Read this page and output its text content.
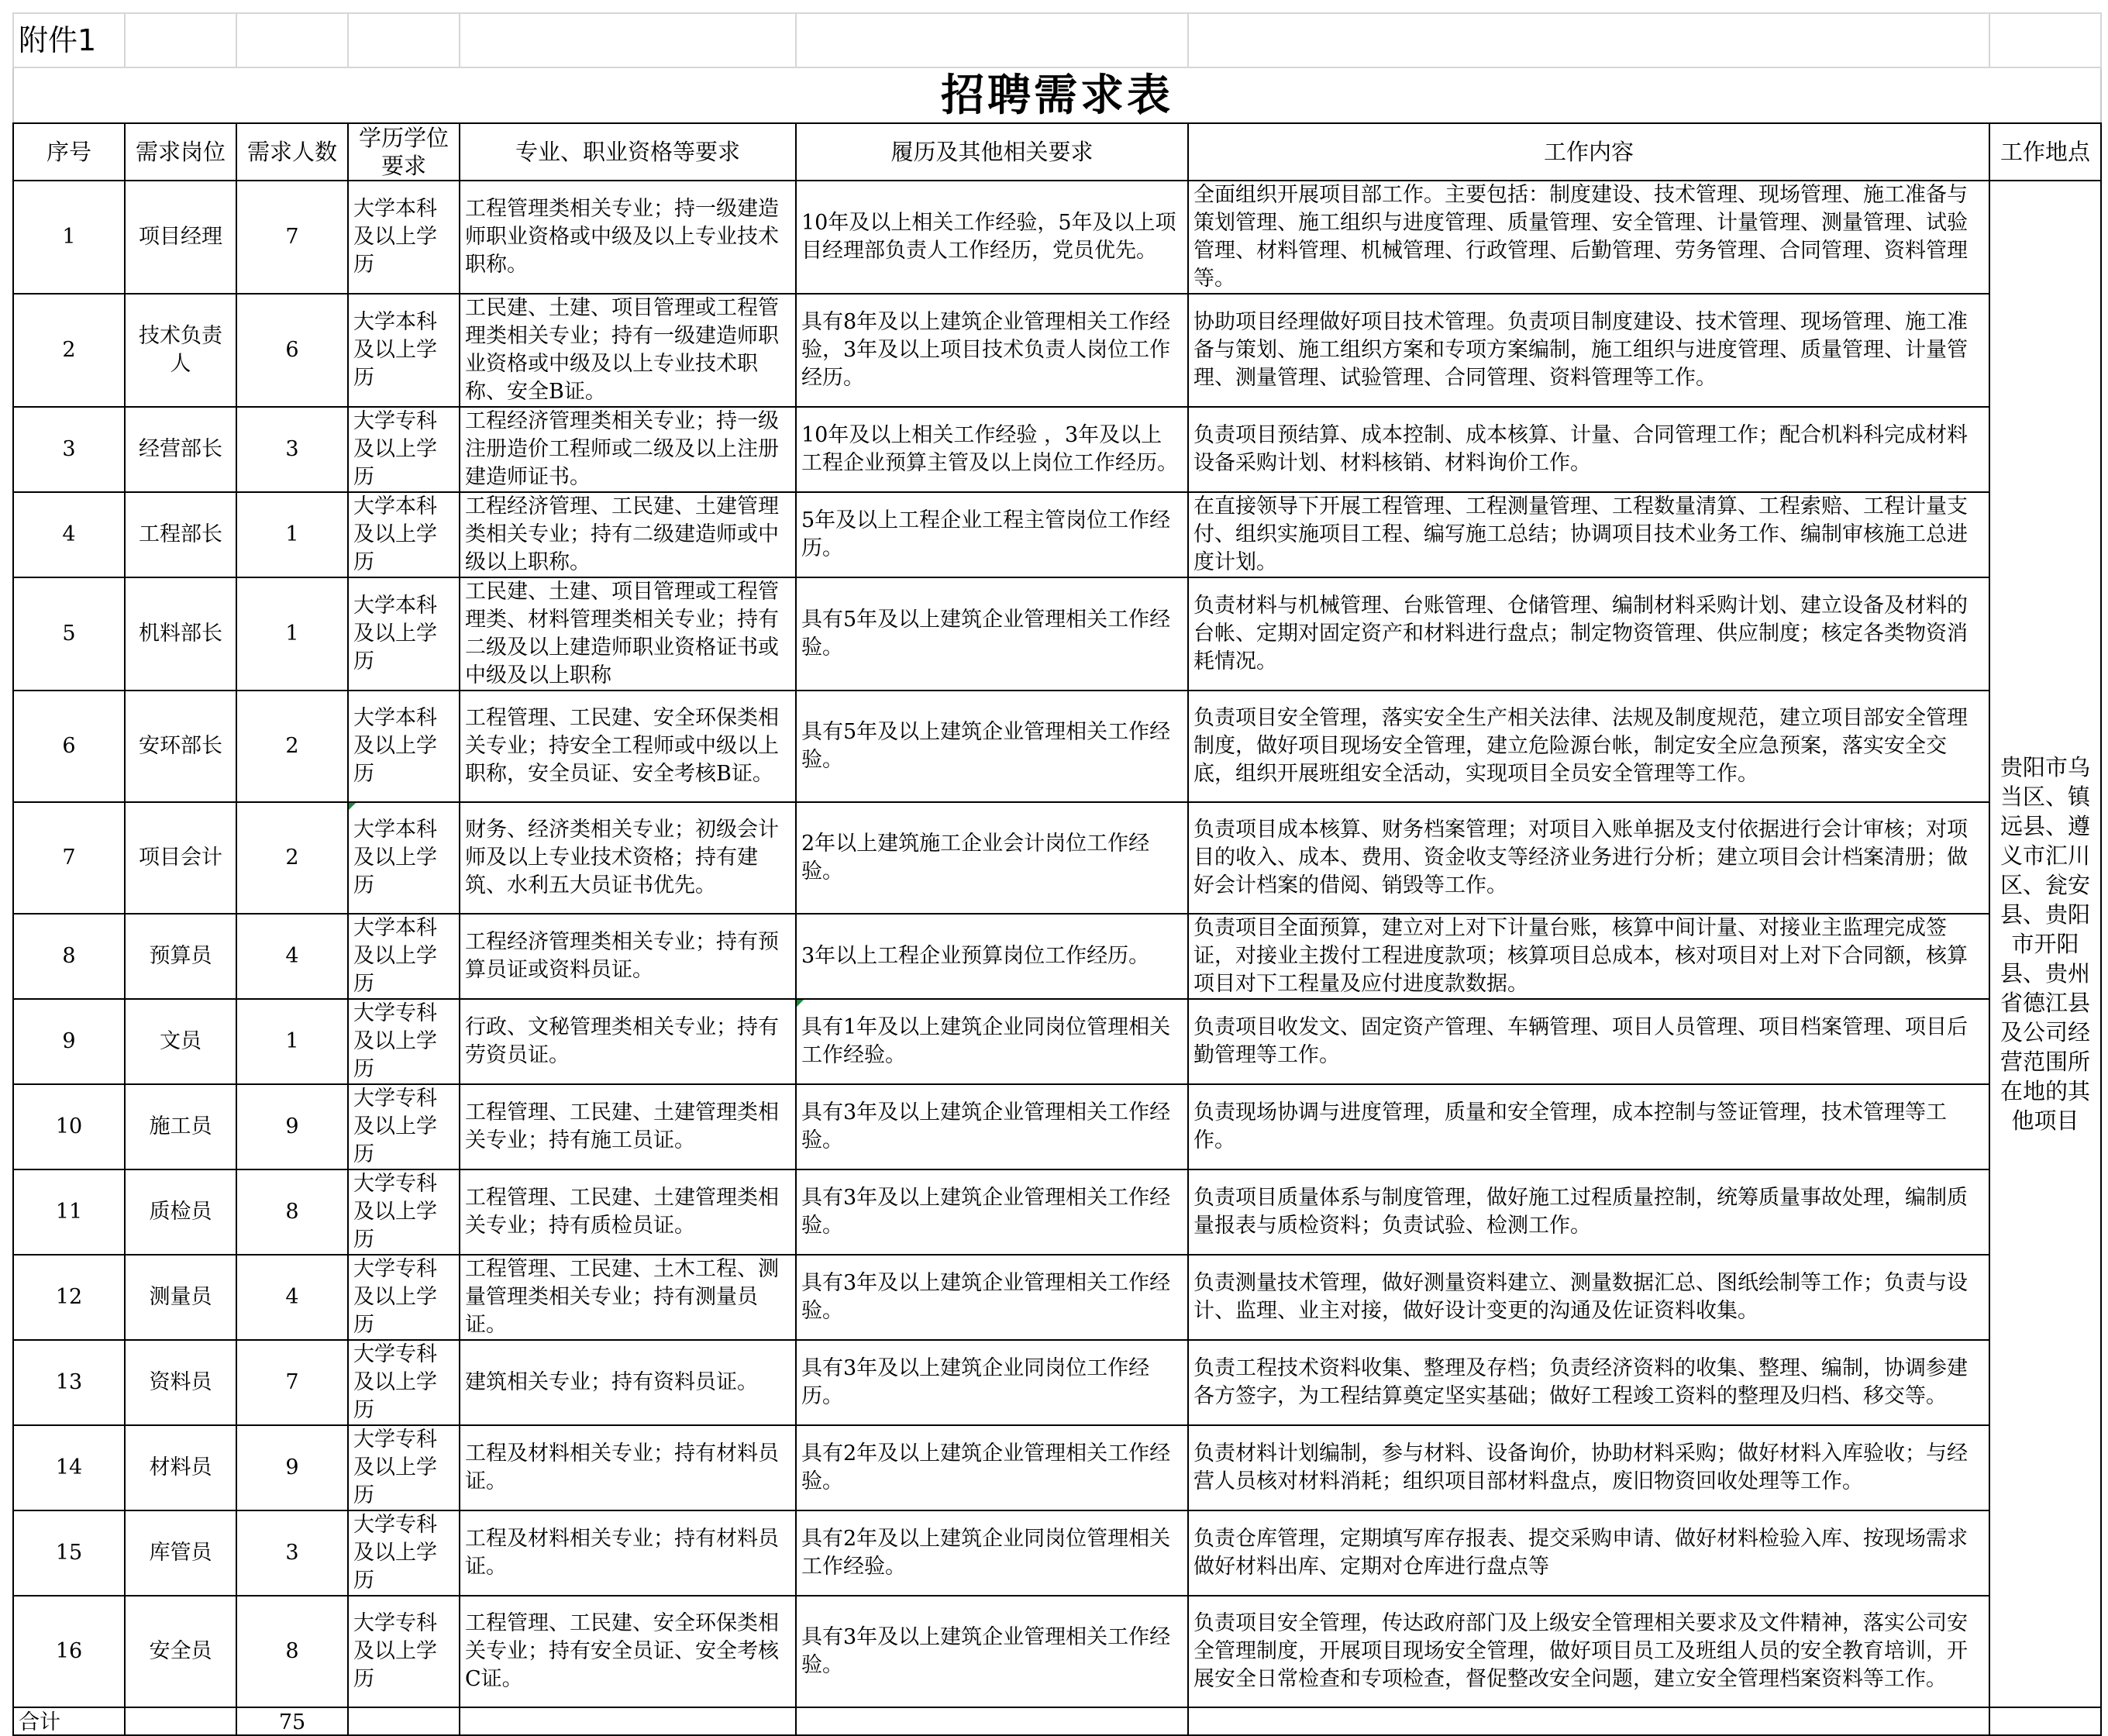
附件1							
招聘需求表							
序号	需求岗位	需求人数	学历学位要求	专业、职业资格等要求	履历及其他相关要求	工作内容	工作地点
1	项目经理	7	大学本科及以上学历	工程管理类相关专业；持一级建造师职业资格或中级及以上专业技术职称。	10年及以上相关工作经验，5年及以上项目经理部负责人工作经历，党员优先。	全面组织开展项目部工作。主要包括：制度建设、技术管理、现场管理、施工准备与策划管理、施工组织与进度管理、质量管理、安全管理、计量管理、测量管理、试验管理、材料管理、机械管理、行政管理、后勤管理、劳务管理、合同管理、资料管理等。	贵阳市乌当区、镇远县、遵义市汇川区、瓮安县、贵阳市开阳县、贵州省德江县及公司经营范围所在地的其他项目
2	技术负责人	6	大学本科及以上学历	工民建、土建、项目管理或工程管理类相关专业；持有一级建造师职业资格或中级及以上专业技术职称、安全B证。	具有8年及以上建筑企业管理相关工作经验，3年及以上项目技术负责人岗位工作经历。	协助项目经理做好项目技术管理。负责项目制度建设、技术管理、现场管理、施工准备与策划、施工组织方案和专项方案编制，施工组织与进度管理、质量管理、计量管理、测量管理、试验管理、合同管理、资料管理等工作。	
3	经营部长	3	大学专科及以上学历	工程经济管理类相关专业；持一级注册造价工程师或二级及以上注册建造师证书。	10年及以上相关工作经验 ，3年及以上工程企业预算主管及以上岗位工作经历。	负责项目预结算、成本控制、成本核算、计量、合同管理工作；配合机料科完成材料设备采购计划、材料核销、材料询价工作。	
4	工程部长	1	大学本科及以上学历	工程经济管理、工民建、土建管理类相关专业；持有二级建造师或中级以上职称。	5年及以上工程企业工程主管岗位工作经历。	在直接领导下开展工程管理、工程测量管理、工程数量清算、工程索赔、工程计量支付、组织实施项目工程、编写施工总结；协调项目技术业务工作、编制审核施工总进度计划。	
5	机料部长	1	大学本科及以上学历	工民建、土建、项目管理或工程管理类、材料管理类相关专业；持有二级及以上建造师职业资格证书或中级及以上职称	具有5年及以上建筑企业管理相关工作经验。	负责材料与机械管理、台账管理、仓储管理、编制材料采购计划、建立设备及材料的台帐、定期对固定资产和材料进行盘点；制定物资管理、供应制度；核定各类物资消耗情况。	
6	安环部长	2	大学本科及以上学历	工程管理、工民建、安全环保类相关专业；持安全工程师或中级以上职称，安全员证、安全考核B证。	具有5年及以上建筑企业管理相关工作经验。	负责项目安全管理，落实安全生产相关法律、法规及制度规范，建立项目部安全管理制度，做好项目现场安全管理，建立危险源台帐，制定安全应急预案，落实安全交底，组织开展班组安全活动，实现项目全员安全管理等工作。	
7	项目会计	2	大学本科及以上学历	财务、经济类相关专业；初级会计师及以上专业技术资格；持有建筑、水利五大员证书优先。	2年以上建筑施工企业会计岗位工作经验。	负责项目成本核算、财务档案管理；对项目入账单据及支付依据进行会计审核；对项目的收入、成本、费用、资金收支等经济业务进行分析；建立项目会计档案清册；做好会计档案的借阅、销毁等工作。	
8	预算员	4	大学本科及以上学历	工程经济管理类相关专业；持有预算员证或资料员证。	3年以上工程企业预算岗位工作经历。	负责项目全面预算，建立对上对下计量台账，核算中间计量、对接业主监理完成签证，对接业主拨付工程进度款项；核算项目总成本，核对项目对上对下合同额，核算项目对下工程量及应付进度款数据。	
9	文员	1	大学专科及以上学历	行政、文秘管理类相关专业；持有劳资员证。	具有1年及以上建筑企业同岗位管理相关工作经验。	负责项目收发文、固定资产管理、车辆管理、项目人员管理、项目档案管理、项目后勤管理等工作。	
10	施工员	9	大学专科及以上学历	工程管理、工民建、土建管理类相关专业；持有施工员证。	具有3年及以上建筑企业管理相关工作经验。	负责现场协调与进度管理，质量和安全管理，成本控制与签证管理，技术管理等工作。	
11	质检员	8	大学专科及以上学历	工程管理、工民建、土建管理类相关专业；持有质检员证。	具有3年及以上建筑企业管理相关工作经验。	负责项目质量体系与制度管理，做好施工过程质量控制，统筹质量事故处理，编制质量报表与质检资料；负责试验、检测工作。	
12	测量员	4	大学专科及以上学历	工程管理、工民建、土木工程、测量管理类相关专业；持有测量员证。	具有3年及以上建筑企业管理相关工作经验。	负责测量技术管理，做好测量资料建立、测量数据汇总、图纸绘制等工作；负责与设计、监理、业主对接，做好设计变更的沟通及佐证资料收集。	
13	资料员	7	大学专科及以上学历	建筑相关专业；持有资料员证。	具有3年及以上建筑企业同岗位工作经历。	负责工程技术资料收集、整理及存档；负责经济资料的收集、整理、编制，协调参建各方签字，为工程结算奠定坚实基础；做好工程竣工资料的整理及归档、移交等。	
14	材料员	9	大学专科及以上学历	工程及材料相关专业；持有材料员证。	具有2年及以上建筑企业管理相关工作经验。	负责材料计划编制，参与材料、设备询价，协助材料采购；做好材料入库验收；与经营人员核对材料消耗；组织项目部材料盘点，废旧物资回收处理等工作。	
15	库管员	3	大学专科及以上学历	工程及材料相关专业；持有材料员证。	具有2年及以上建筑企业同岗位管理相关工作经验。	负责仓库管理，定期填写库存报表、提交采购申请、做好材料检验入库、按现场需求做好材料出库、定期对仓库进行盘点等	
16	安全员	8	大学专科及以上学历	工程管理、工民建、安全环保类相关专业；持有安全员证、安全考核C证。	具有3年及以上建筑企业管理相关工作经验。	负责项目安全管理，传达政府部门及上级安全管理相关要求及文件精神，落实公司安全管理制度，开展项目现场安全管理，做好项目员工及班组人员的安全教育培训，开展安全日常检查和专项检查，督促整改安全问题，建立安全管理档案资料等工作。	
合计		75					
